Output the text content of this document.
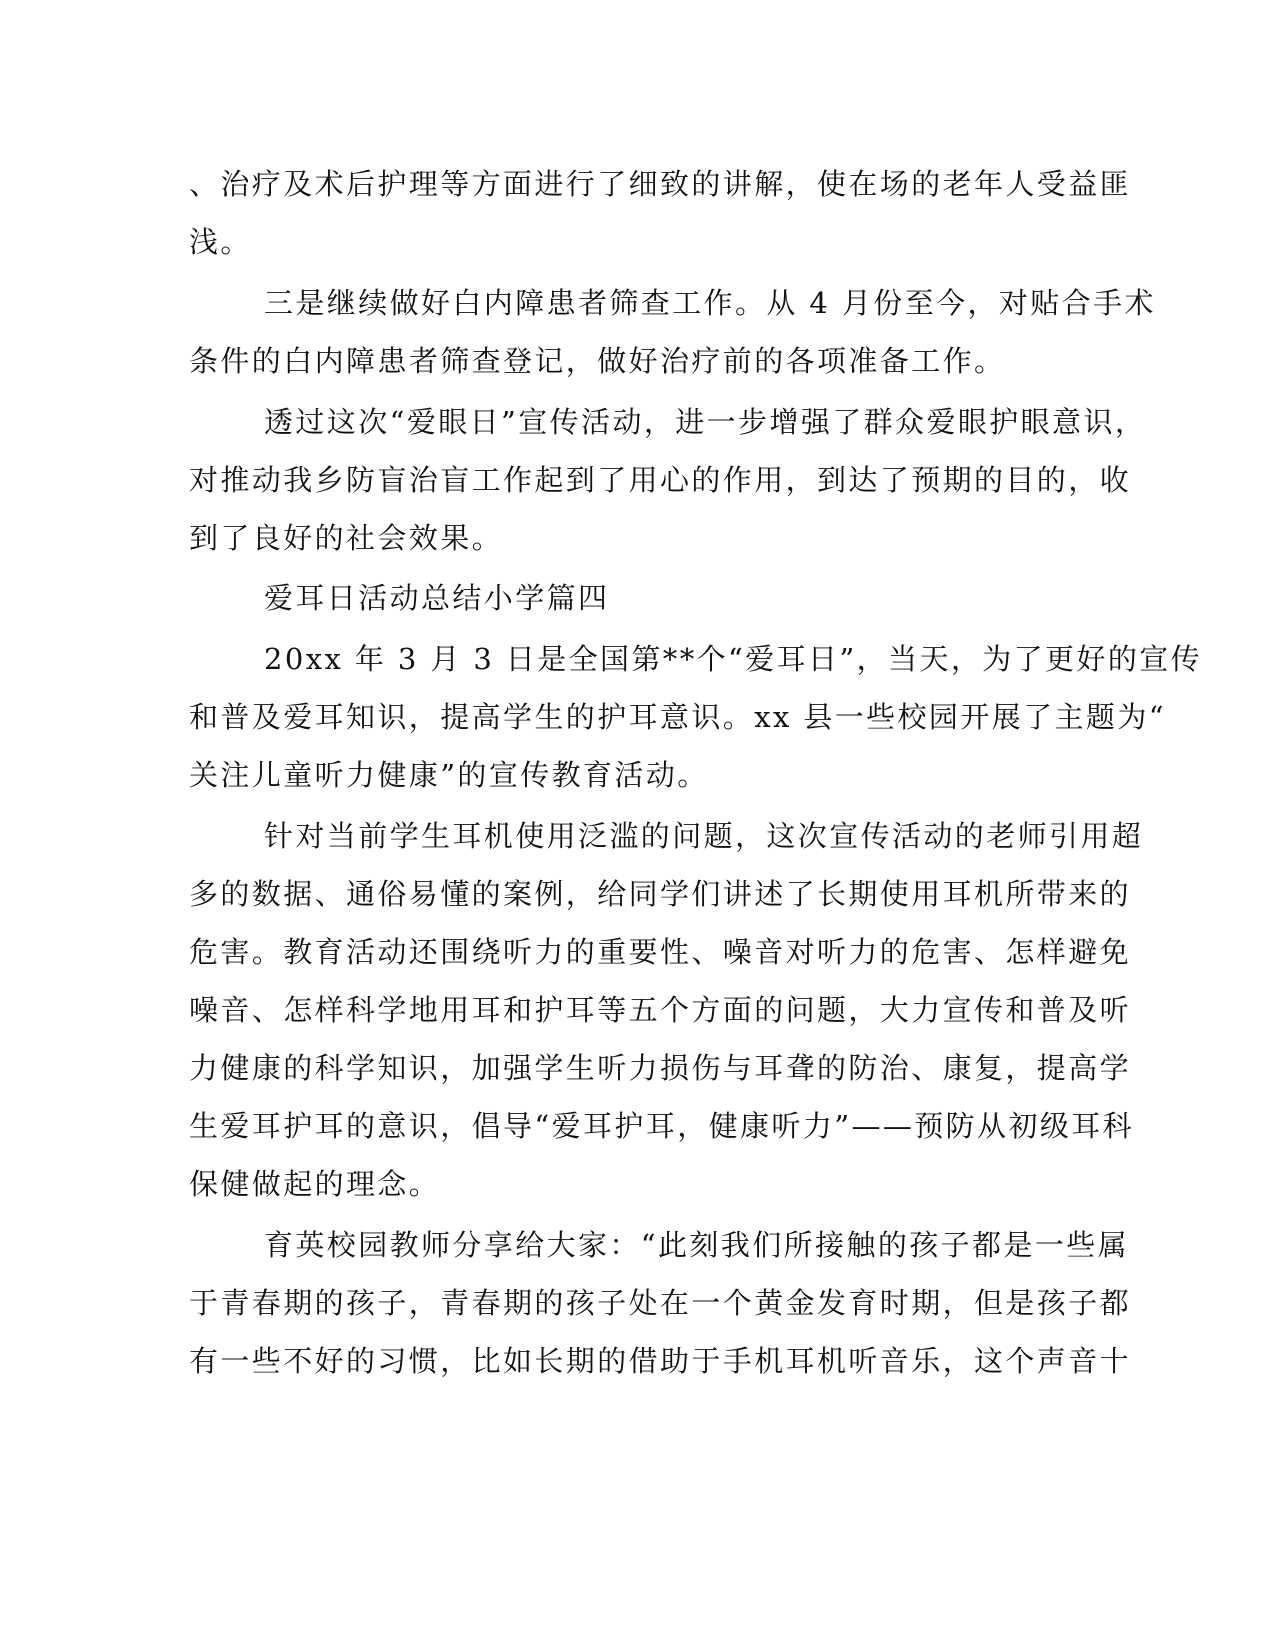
、治疗及术后护理等方面进行了细致的讲解，使在场的老年人受益匪
浅。
三是继续做好白内障患者筛查工作。从 4 月份至今，对贴合手术
条件的白内障患者筛查登记，做好治疗前的各项准备工作。
透过这次“爱眼日”宣传活动，进一步增强了群众爱眼护眼意识，
对推动我乡防盲治盲工作起到了用心的作用，到达了预期的目的，收
到了良好的社会效果。
爱耳日活动总结小学篇四
20xx 年 3 月 3 日是全国第**个“爱耳日”，当天，为了更好的宣传
和普及爱耳知识，提高学生的护耳意识。xx 县一些校园开展了主题为“
关注儿童听力健康”的宣传教育活动。
针对当前学生耳机使用泛滥的问题，这次宣传活动的老师引用超
多的数据、通俗易懂的案例，给同学们讲述了长期使用耳机所带来的
危害。教育活动还围绕听力的重要性、噪音对听力的危害、怎样避免
噪音、怎样科学地用耳和护耳等五个方面的问题，大力宣传和普及听
力健康的科学知识，加强学生听力损伤与耳聋的防治、康复，提高学
生爱耳护耳的意识，倡导“爱耳护耳，健康听力”——预防从初级耳科
保健做起的理念。
育英校园教师分享给大家：“此刻我们所接触的孩子都是一些属
于青春期的孩子，青春期的孩子处在一个黄金发育时期，但是孩子都
有一些不好的习惯，比如长期的借助于手机耳机听音乐，这个声音十
